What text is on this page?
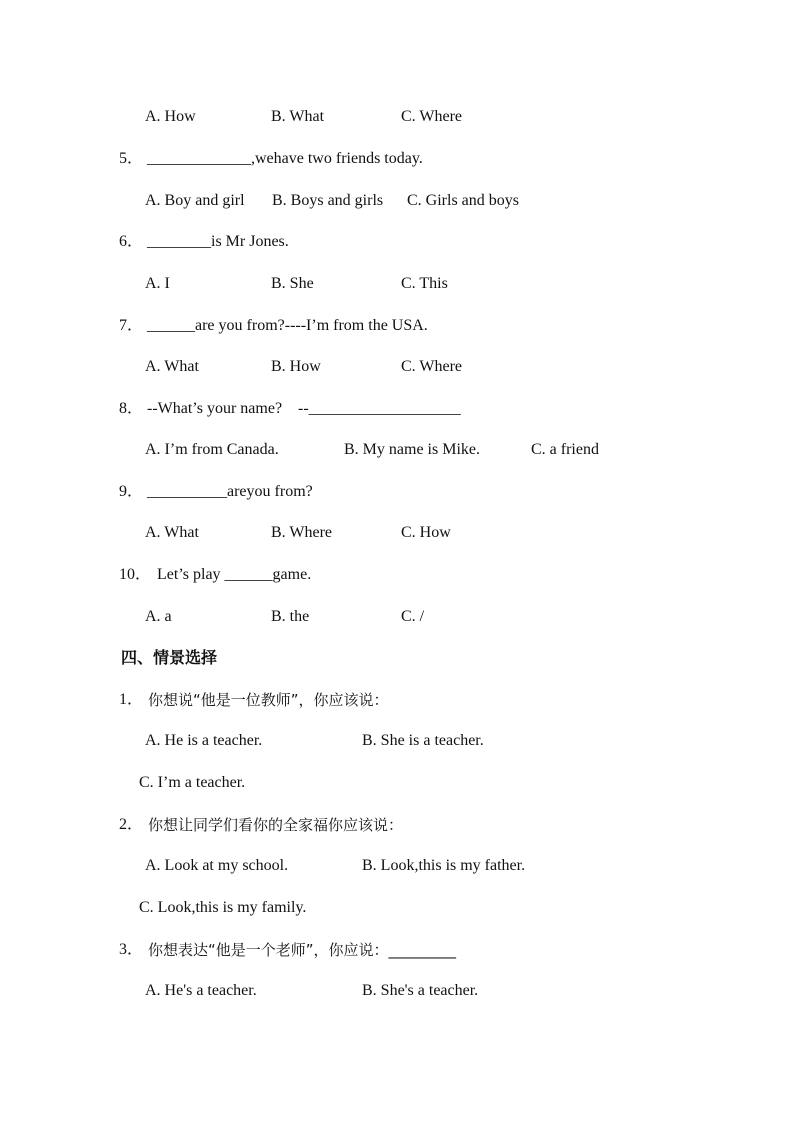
A. How	B. What	C. Where
5． _____________,wehave two friends today.
A. Boy and girl B. Boys and girls C. Girls and boys
6． ________is Mr Jones.
A. I	B. She	C. This
7． ______are you from?----I’m from the USA.
A. What	B. How	C. Where
8． --What’s your name?    --___________________
A. I’m from Canada.	B. My name is Mike.	C. a friend
9． __________areyou from?
A. What	B. Where	C. How
10． Let’s play ______game.
A. a	B. the	C. /
四、情景选择
1． 你想说“他是一位教师”，你应该说：
A. He is a teacher.	B. She is a teacher.
C. I’m a teacher.
2． 你想让同学们看你的全家福你应该说：
A. Look at my school.	B. Look,this is my father.
C. Look,this is my family.
3． 你想表达“他是一个老师”，你应说：_________
A. He's a teacher.	B. She's a teacher.
